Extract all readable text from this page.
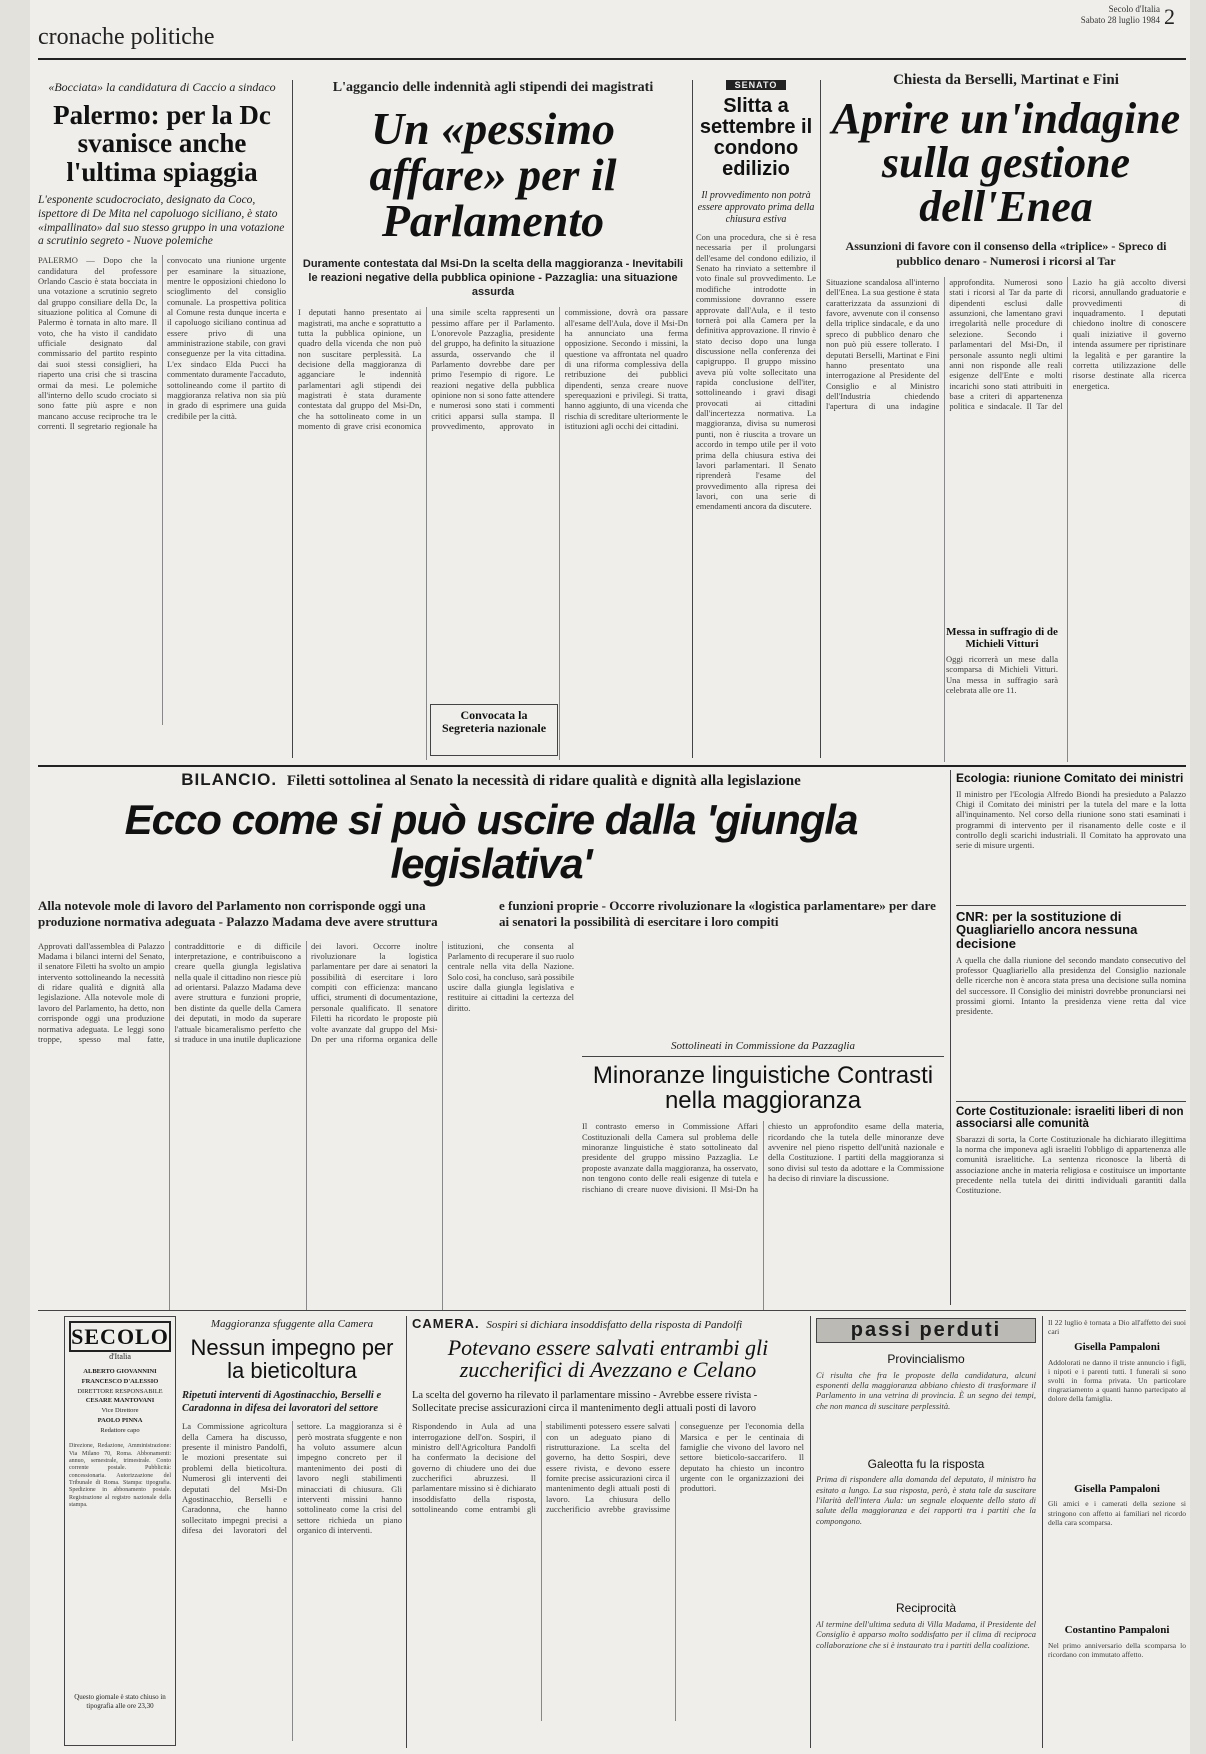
cronache politiche
Secolo d'Italia
Sabato 28 luglio 1984 2
«Bocciata» la candidatura di Caccio a sindaco
Palermo: per la Dc svanisce anche l'ultima spiaggia
L'esponente scudocrociato, designato da Coco, ispettore di De Mita nel capoluogo siciliano, è stato «impallinato» dal suo stesso gruppo in una votazione a scrutinio segreto - Nuove polemiche
PALERMO — Dopo che la candidatura del professore Orlando Cascio è stata bocciata in una votazione a scrutinio segreto dal gruppo consiliare della Dc, la situazione politica al Comune di Palermo è tornata in alto mare. Il voto, che ha visto il candidato ufficiale designato dal commissario del partito respinto dai suoi stessi consiglieri, ha riaperto una crisi che si trascina ormai da mesi. Le polemiche all'interno dello scudo crociato si sono fatte più aspre e non mancano accuse reciproche tra le correnti. Il segretario regionale ha convocato una riunione urgente per esaminare la situazione, mentre le opposizioni chiedono lo scioglimento del consiglio comunale. La prospettiva politica al Comune resta dunque incerta e il capoluogo siciliano continua ad essere privo di una amministrazione stabile, con gravi conseguenze per la vita cittadina. L'ex sindaco Elda Pucci ha commentato duramente l'accaduto, sottolineando come il partito di maggioranza relativa non sia più in grado di esprimere una guida credibile per la città.
L'aggancio delle indennità agli stipendi dei magistrati
Un «pessimo affare» per il Parlamento
Duramente contestata dal Msi-Dn la scelta della maggioranza - Inevitabili le reazioni negative della pubblica opinione - Pazzaglia: una situazione assurda
I deputati hanno presentato ai magistrati, ma anche e soprattutto a tutta la pubblica opinione, un quadro della vicenda che non può non suscitare perplessità. La decisione della maggioranza di agganciare le indennità parlamentari agli stipendi dei magistrati è stata duramente contestata dal gruppo del Msi-Dn, che ha sottolineato come in un momento di grave crisi economica una simile scelta rappresenti un pessimo affare per il Parlamento. L'onorevole Pazzaglia, presidente del gruppo, ha definito la situazione assurda, osservando che il Parlamento dovrebbe dare per primo l'esempio di rigore. Le reazioni negative della pubblica opinione non si sono fatte attendere e numerosi sono stati i commenti critici apparsi sulla stampa. Il provvedimento, approvato in commissione, dovrà ora passare all'esame dell'Aula, dove il Msi-Dn ha annunciato una ferma opposizione. Secondo i missini, la questione va affrontata nel quadro di una riforma complessiva della retribuzione dei pubblici dipendenti, senza creare nuove sperequazioni e privilegi. Si tratta, hanno aggiunto, di una vicenda che rischia di screditare ulteriormente le istituzioni agli occhi dei cittadini.
Convocata la Segreteria nazionale
SENATO
Slitta a settembre il condono edilizio
Il provvedimento non potrà essere approvato prima della chiusura estiva
Con una procedura, che si è resa necessaria per il prolungarsi dell'esame del condono edilizio, il Senato ha rinviato a settembre il voto finale sul provvedimento. Le modifiche introdotte in commissione dovranno essere approvate dall'Aula, e il testo tornerà poi alla Camera per la definitiva approvazione. Il rinvio è stato deciso dopo una lunga discussione nella conferenza dei capigruppo. Il gruppo missino aveva più volte sollecitato una rapida conclusione dell'iter, sottolineando i gravi disagi provocati ai cittadini dall'incertezza normativa. La maggioranza, divisa su numerosi punti, non è riuscita a trovare un accordo in tempo utile per il voto prima della chiusura estiva dei lavori parlamentari. Il Senato riprenderà l'esame del provvedimento alla ripresa dei lavori, con una serie di emendamenti ancora da discutere.
Chiesta da Berselli, Martinat e Fini
Aprire un'indagine sulla gestione dell'Enea
Assunzioni di favore con il consenso della «triplice» - Spreco di pubblico denaro - Numerosi i ricorsi al Tar
Situazione scandalosa all'interno dell'Enea. La sua gestione è stata caratterizzata da assunzioni di favore, avvenute con il consenso della triplice sindacale, e da uno spreco di pubblico denaro che non può più essere tollerato. I deputati Berselli, Martinat e Fini hanno presentato una interrogazione al Presidente del Consiglio e al Ministro dell'Industria chiedendo l'apertura di una indagine approfondita. Numerosi sono stati i ricorsi al Tar da parte di dipendenti esclusi dalle assunzioni, che lamentano gravi irregolarità nelle procedure di selezione. Secondo i parlamentari del Msi-Dn, il personale assunto negli ultimi anni non risponde alle reali esigenze dell'Ente e molti incarichi sono stati attribuiti in base a criteri di appartenenza politica e sindacale. Il Tar del Lazio ha già accolto diversi ricorsi, annullando graduatorie e provvedimenti di inquadramento. I deputati chiedono inoltre di conoscere quali iniziative il governo intenda assumere per ripristinare la legalità e per garantire la corretta utilizzazione delle risorse destinate alla ricerca energetica.
Messa in suffragio di de Michieli Vitturi
Oggi ricorrerà un mese dalla scomparsa di Michieli Vitturi. Una messa in suffragio sarà celebrata alle ore 11.
BILANCIO. Filetti sottolinea al Senato la necessità di ridare qualità e dignità alla legislazione
Ecco come si può uscire dalla 'giungla legislativa'
Alla notevole mole di lavoro del Parlamento non corrisponde oggi una produzione normativa adeguata - Palazzo Madama deve avere struttura
e funzioni proprie - Occorre rivoluzionare la «logistica parlamentare» per dare ai senatori la possibilità di esercitare i loro compiti
Approvati dall'assemblea di Palazzo Madama i bilanci interni del Senato, il senatore Filetti ha svolto un ampio intervento sottolineando la necessità di ridare qualità e dignità alla legislazione. Alla notevole mole di lavoro del Parlamento, ha detto, non corrisponde oggi una produzione normativa adeguata. Le leggi sono troppe, spesso mal fatte, contraddittorie e di difficile interpretazione, e contribuiscono a creare quella giungla legislativa nella quale il cittadino non riesce più ad orientarsi. Palazzo Madama deve avere struttura e funzioni proprie, ben distinte da quelle della Camera dei deputati, in modo da superare l'attuale bicameralismo perfetto che si traduce in una inutile duplicazione dei lavori. Occorre inoltre rivoluzionare la logistica parlamentare per dare ai senatori la possibilità di esercitare i loro compiti con efficienza: mancano uffici, strumenti di documentazione, personale qualificato. Il senatore Filetti ha ricordato le proposte più volte avanzate dal gruppo del Msi-Dn per una riforma organica delle istituzioni, che consenta al Parlamento di recuperare il suo ruolo centrale nella vita della Nazione. Solo così, ha concluso, sarà possibile uscire dalla giungla legislativa e restituire ai cittadini la certezza del diritto.
Sottolineati in Commissione da Pazzaglia
Minoranze linguistiche Contrasti nella maggioranza
Il contrasto emerso in Commissione Affari Costituzionali della Camera sul problema delle minoranze linguistiche è stato sottolineato dal presidente del gruppo missino Pazzaglia. Le proposte avanzate dalla maggioranza, ha osservato, non tengono conto delle reali esigenze di tutela e rischiano di creare nuove divisioni. Il Msi-Dn ha chiesto un approfondito esame della materia, ricordando che la tutela delle minoranze deve avvenire nel pieno rispetto dell'unità nazionale e della Costituzione. I partiti della maggioranza si sono divisi sul testo da adottare e la Commissione ha deciso di rinviare la discussione.
Ecologia: riunione Comitato dei ministri
Il ministro per l'Ecologia Alfredo Biondi ha presieduto a Palazzo Chigi il Comitato dei ministri per la tutela del mare e la lotta all'inquinamento. Nel corso della riunione sono stati esaminati i programmi di intervento per il risanamento delle coste e il controllo degli scarichi industriali. Il Comitato ha approvato una serie di misure urgenti.
CNR: per la sostituzione di Quagliariello ancora nessuna decisione
A quella che dalla riunione del secondo mandato consecutivo del professor Quagliariello alla presidenza del Consiglio nazionale delle ricerche non è ancora stata presa una decisione sulla nomina del successore. Il Consiglio dei ministri dovrebbe pronunciarsi nei prossimi giorni. Intanto la presidenza viene retta dal vice presidente.
Corte Costituzionale: israeliti liberi di non associarsi alle comunità
Sbarazzi di sorta, la Corte Costituzionale ha dichiarato illegittima la norma che imponeva agli israeliti l'obbligo di appartenenza alle comunità israelitiche. La sentenza riconosce la libertà di associazione anche in materia religiosa e costituisce un importante precedente nella tutela dei diritti individuali garantiti dalla Costituzione.
SECOLO
d'Italia
ALBERTO GIOVANNINI
FRANCESCO D'ALESSIO
DIRETTORE RESPONSABILE
CESARE MANTOVANI
Vice Direttore
PAOLO PINNA
Redattore capo
Direzione, Redazione, Amministrazione: Via Milano 70, Roma. Abbonamenti: annuo, semestrale, trimestrale. Conto corrente postale. Pubblicità: concessionaria. Autorizzazione del Tribunale di Roma. Stampa: tipografia. Spedizione in abbonamento postale. Registrazione al registro nazionale della stampa.
Questo giornale è stato chiuso in tipografia alle ore 23,30
Maggioranza sfuggente alla Camera
Nessun impegno per la bieticoltura
Ripetuti interventi di Agostinacchio, Berselli e Caradonna in difesa dei lavoratori del settore
La Commissione agricoltura della Camera ha discusso, presente il ministro Pandolfi, le mozioni presentate sui problemi della bieticoltura. Numerosi gli interventi dei deputati del Msi-Dn Agostinacchio, Berselli e Caradonna, che hanno sollecitato impegni precisi a difesa dei lavoratori del settore. La maggioranza si è però mostrata sfuggente e non ha voluto assumere alcun impegno concreto per il mantenimento dei posti di lavoro negli stabilimenti minacciati di chiusura. Gli interventi missini hanno sottolineato come la crisi del settore richieda un piano organico di interventi.
CAMERA. Sospiri si dichiara insoddisfatto della risposta di Pandolfi
Potevano essere salvati entrambi gli zuccherifici di Avezzano e Celano
La scelta del governo ha rilevato il parlamentare missino - Avrebbe essere rivista - Sollecitate precise assicurazioni circa il mantenimento degli attuali posti di lavoro
Rispondendo in Aula ad una interrogazione dell'on. Sospiri, il ministro dell'Agricoltura Pandolfi ha confermato la decisione del governo di chiudere uno dei due zuccherifici abruzzesi. Il parlamentare missino si è dichiarato insoddisfatto della risposta, sottolineando come entrambi gli stabilimenti potessero essere salvati con un adeguato piano di ristrutturazione. La scelta del governo, ha detto Sospiri, deve essere rivista, e devono essere fornite precise assicurazioni circa il mantenimento degli attuali posti di lavoro. La chiusura dello zuccherificio avrebbe gravissime conseguenze per l'economia della Marsica e per le centinaia di famiglie che vivono del lavoro nel settore bieticolo-saccarifero. Il deputato ha chiesto un incontro urgente con le organizzazioni dei produttori.
passi perduti
Provincialismo
Ci risulta che fra le proposte della candidatura, alcuni esponenti della maggioranza abbiano chiesto di trasformare il Parlamento in una vetrina di provincia. È un segno dei tempi, che non manca di suscitare perplessità.
Galeotta fu la risposta
Prima di rispondere alla domanda del deputato, il ministro ha esitato a lungo. La sua risposta, però, è stata tale da suscitare l'ilarità dell'intera Aula: un segnale eloquente dello stato di salute della maggioranza e dei rapporti tra i partiti che la compongono.
Reciprocità
Al termine dell'ultima seduta di Villa Madama, il Presidente del Consiglio è apparso molto soddisfatto per il clima di reciproca collaborazione che si è instaurato tra i partiti della coalizione.
Il 22 luglio è tornata a Dio all'affetto dei suoi cari
Gisella Pampaloni
Addolorati ne danno il triste annuncio i figli, i nipoti e i parenti tutti. I funerali si sono svolti in forma privata. Un particolare ringraziamento a quanti hanno partecipato al dolore della famiglia.
Gisella Pampaloni
Gli amici e i camerati della sezione si stringono con affetto ai familiari nel ricordo della cara scomparsa.
Costantino Pampaloni
Nel primo anniversario della scomparsa lo ricordano con immutato affetto.
